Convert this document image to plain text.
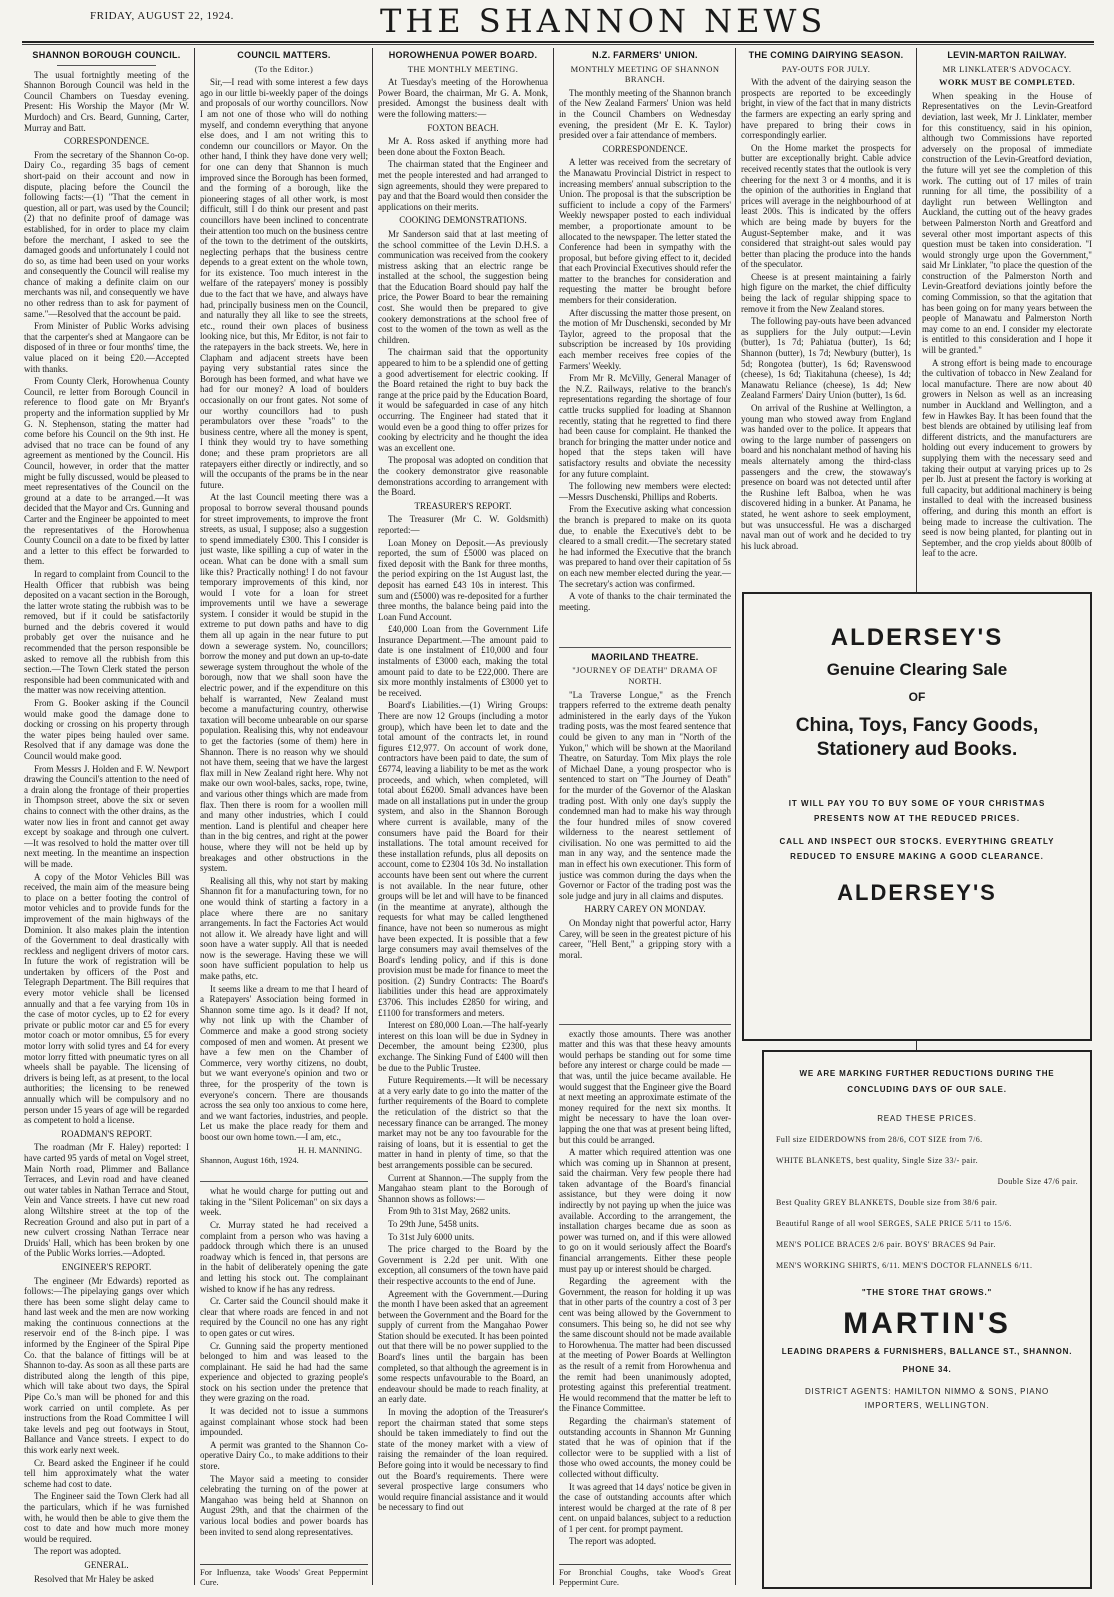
FRIDAY, AUGUST 22, 1924.	THE SHANNON NEWS
SHANNON BOROUGH COUNCIL.

The usual fortnightly meeting of the Shannon Borough Council was held in the Council Chambers on Tuesday evening. Present: His Worship the Mayor (Mr W. Murdoch) and Crs. Beard, Gunning, Carter, Murray and Batt.

CORRESPONDENCE.

From the secretary of the Shannon Co-op. Dairy Co., regarding 35 bags of cement short-paid on their account and now in dispute, placing before the Council the following facts:—(1) "That the cement in question, all or part, was used by the Council; (2) that no definite proof of damage was established, for in order to place my claim before the merchant, I asked to see the damaged goods and unfortunately I could not do so, as time had been used on your works and consequently the Council will realise my chance of making a definite claim on our merchants was nil, and consequently we have no other redress than to ask for payment of same."—Resolved that the account be paid.

From Minister of Public Works advising that the carpenter's shed at Mangaore can be disposed of in three or four months' time, the value placed on it being £20.—Accepted with thanks.

From County Clerk, Horowhenua County Council, re letter from Borough Council in reference to flood gate on Mr Bryant's property and the information supplied by Mr G. N. Stephenson, stating the matter had come before his Council on the 9th inst. He advised that no trace can be found of any agreement as mentioned by the Council. His Council, however, in order that the matter might be fully discussed, would be pleased to meet representatives of the Council on the ground at a date to be arranged.—It was decided that the Mayor and Crs. Gunning and Carter and the Engineer be appointed to meet the representatives of the Horowhenua County Council on a date to be fixed by latter and a letter to this effect be forwarded to them.

In regard to complaint from Council to the Health Officer that rubbish was being deposited on a vacant section in the Borough, the latter wrote stating the rubbish was to be removed, but if it could be satisfactorily burned and the debris covered it would probably get over the nuisance and he recommended that the person responsible be asked to remove all the rubbish from this section.—The Town Clerk stated the person responsible had been communicated with and the matter was now receiving attention.

From G. Booker asking if the Council would make good the damage done to docking or crossing on his property through the water pipes being hauled over same. Resolved that if any damage was done the Council would make good.

From Messrs J. Holden and F. W. Newport drawing the Council's attention to the need of a drain along the frontage of their properties in Thompson street, above the six or seven chains to connect with the other drains, as the water now lies in front and cannot get away except by soakage and through one culvert.—It was resolved to hold the matter over till next meeting. In the meantime an inspection will be made.

A copy of the Motor Vehicles Bill was received, the main aim of the measure being to place on a better footing the control of motor vehicles and to provide funds for the improvement of the main highways of the Dominion. It also makes plain the intention of the Government to deal drastically with reckless and negligent drivers of motor cars. In future the work of registration will be undertaken by officers of the Post and Telegraph Department. The Bill requires that every motor vehicle shall be licensed annually and that a fee varying from 10s in the case of motor cycles, up to £2 for every private or public motor car and £5 for every motor coach or motor omnibus, £5 for every motor lorry with solid tyres and £4 for every motor lorry fitted with pneumatic tyres on all wheels shall be payable. The licensing of drivers is being left, as at present, to the local authorities; the licensing to be renewed annually which will be compulsory and no person under 15 years of age will be regarded as competent to hold a license.

ROADMAN'S REPORT.

The roadman (Mr F. Haley) reported: I have carted 95 yards of metal on Vogel street, Main North road, Plimmer and Ballance Terraces, and Levin road and have cleaned out water tables in Nathan Terrace and Stout, Vein and Vance streets. I have cut new road along Wiltshire street at the top of the Recreation Ground and also put in part of a new culvert crossing Nathan Terrace near Druids' Hall, which has been broken by one of the Public Works lorries.—Adopted.

ENGINEER'S REPORT.

The engineer (Mr Edwards) reported as follows:—The pipelaying gangs over which there has been some slight delay came to hand last week and the men are now working making the continuous connections at the reservoir end of the 8-inch pipe. I was informed by the Engineer of the Spiral Pipe Co. that the balance of fittings will be at Shannon to-day. As soon as all these parts are distributed along the length of this pipe, which will take about two days, the Spiral Pipe Co.'s man will be phoned for and this work carried on until complete. As per instructions from the Road Committee I will take levels and peg out footways in Stout, Ballance and Vance streets. I expect to do this work early next week.

Cr. Beard asked the Engineer if he could tell him approximately what the water scheme had cost to date.

The Engineer said the Town Clerk had all the particulars, which if he was furnished with, he would then be able to give them the cost to date and how much more money would be required.

The report was adopted.

GENERAL.

Resolved that Mr Haley be asked

COUNCIL MATTERS.
(To the Editor.)

Sir,—I read with some interest a few days ago in our little bi-weekly paper of the doings and proposals of our worthy councillors. Now I am not one of those who will do nothing myself, and condemn everything that anyone else does, and I am not writing this to condemn our councillors or Mayor. On the other hand, I think they have done very well; for one can deny that Shannon is much improved since the Borough has been formed, and the forming of a borough, like the pioneering stages of all other work, is most difficult, still I do think our present and past councillors have been inclined to concentrate their attention too much on the business centre of the town to the detriment of the outskirts, neglecting perhaps that the business centre depends to a great extent on the whole town, for its existence. Too much interest in the welfare of the ratepayers' money is possibly due to the fact that we have, and always have had, principally business men on the Council, and naturally they all like to see the streets, etc., round their own places of business looking nice, but this, Mr Editor, is not fair to the ratepayers in the back streets. We, here in Clapham and adjacent streets have been paying very substantial rates since the Borough has been formed, and what have we had for our money? A load of boulders occasionally on our front gates. Not some of our worthy councillors had to push perambulators over these "roads" to the business centre, where all the money is spent, I think they would try to have something done; and these pram proprietors are all ratepayers either directly or indirectly, and so will the occupants of the prams be in the near future.

At the last Council meeting there was a proposal to borrow several thousand pounds for street improvements, to improve the front streets, as usual, I suppose; also a suggestion to spend immediately £300. This I consider is just waste, like spilling a cup of water in the ocean. What can be done with a small sum like this? Practically nothing! I do not favour temporary improvements of this kind, nor would I vote for a loan for street improvements until we have a sewerage system. I consider it would be stupid in the extreme to put down paths and have to dig them all up again in the near future to put down a sewerage system. No, councillors; borrow the money and put down an up-to-date sewerage system throughout the whole of the borough, now that we shall soon have the electric power, and if the expenditure on this behalf is warranted, New Zealand must become a manufacturing country, otherwise taxation will become unbearable on our sparse population. Realising this, why not endeavour to get the factories (some of them) here in Shannon. There is no reason why we should not have them, seeing that we have the largest flax mill in New Zealand right here. Why not make our own wool-bales, sacks, rope, twine, and various other things which are made from flax. Then there is room for a woollen mill and many other industries, which I could mention. Land is plentiful and cheaper here than in the big centres, and right at the power house, where they will not be held up by breakages and other obstructions in the system.

Realising all this, why not start by making Shannon fit for a manufacturing town, for no one would think of starting a factory in a place where there are no sanitary arrangements. In fact the Factories Act would not allow it. We already have light and will soon have a water supply. All that is needed now is the sewerage. Having these we will soon have sufficient population to help us make paths, etc.

It seems like a dream to me that I heard of a Ratepayers' Association being formed in Shannon some time ago. Is it dead? If not, why not link up with the Chamber of Commerce and make a good strong society composed of men and women. At present we have a few men on the Chamber of Commerce, very worthy citizens, no doubt, but we want everyone's opinion and two or three, for the prosperity of the town is everyone's concern. There are thousands across the sea only too anxious to come here, and we want factories, industries, and people. Let us make the place ready for them and boost our own home town.—I am, etc.,

H. H. MANNING.
Shannon, August 16th, 1924.

what he would charge for putting out and taking in the "Silent Policeman" on six days a week.

Cr. Murray stated he had received a complaint from a person who was having a paddock through which there is an unused roadway which is fenced in, that persons are in the habit of deliberately opening the gate and letting his stock out. The complainant wished to know if he has any redress.

Cr. Carter said the Council should make it clear that where roads are fenced in and not required by the Council no one has any right to open gates or cut wires.

Cr. Gunning said the property mentioned belonged to him and was leased to the complainant. He said he had had the same experience and objected to grazing people's stock on his section under the pretence that they were grazing on the road.

It was decided not to issue a summons against complainant whose stock had been impounded.

A permit was granted to the Shannon Co-operative Dairy Co., to make additions to their store.

The Mayor said a meeting to consider celebrating the turning on of the power at Mangahao was being held at Shannon on August 29th, and that the chairmen of the various local bodies and power boards has been invited to send along representatives.

For Influenza, take Woods' Great Peppermint Cure.
HOROWHENUA POWER BOARD.
THE MONTHLY MEETING.

At Tuesday's meeting of the Horowhenua Power Board, the chairman, Mr G. A. Monk, presided. Amongst the business dealt with were the following matters:—

FOXTON BEACH.

Mr A. Ross asked if anything more had been done about the Foxton Beach.

The chairman stated that the Engineer and met the people interested and had arranged to sign agreements, should they were prepared to pay and that the Board would then consider the applications on their merits.

COOKING DEMONSTRATIONS.

Mr Sanderson said that at last meeting of the school committee of the Levin D.H.S. a communication was received from the cookery mistress asking that an electric range be installed at the school, the suggestion being that the Education Board should pay half the price, the Power Board to bear the remaining cost. She would then be prepared to give cookery demonstrations at the school free of cost to the women of the town as well as the children.

The chairman said that the opportunity appeared to him to be a splendid one of getting a good advertisement for electric cooking. If the Board retained the right to buy back the range at the price paid by the Education Board, it would be safeguarded in case of any hitch occurring. The Engineer had stated that it would even be a good thing to offer prizes for cooking by electricity and he thought the idea was an excellent one.

The proposal was adopted on condition that the cookery demonstrator give reasonable demonstrations according to arrangement with the Board.

TREASURER'S REPORT.

The Treasurer (Mr C. W. Goldsmith) reported:—

Loan Money on Deposit.—As previously reported, the sum of £5000 was placed on fixed deposit with the Bank for three months, the period expiring on the 1st August last, the deposit has earned £43 10s in interest. This sum and (£5000) was re-deposited for a further three months, the balance being paid into the Loan Fund Account.

£40,000 Loan from the Government Life Insurance Department.—The amount paid to date is one instalment of £10,000 and four instalments of £3000 each, making the total amount paid to date to be £22,000. There are six more monthly instalments of £3000 yet to be received.

Board's Liabilities.—(1) Wiring Groups: There are now 12 Groups (including a motor group), which have been let to date and the total amount of the contracts let, in round figures £12,977. On account of work done, contractors have been paid to date, the sum of £6774, leaving a liability to be met as the work proceeds, and which, when completed, will total about £6200. Small advances have been made on all installations put in under the group system, and also in the Shannon Borough where current is available, many of the consumers have paid the Board for their installations. The total amount received for these installation refunds, plus all deposits on account, come to £2304 10s 3d. No installation accounts have been sent out where the current is not available. In the near future, other groups will be let and will have to be financed (in the meantime at anyrate), although the requests for what may be called lengthened finance, have not been so numerous as might have been expected. It is possible that a few large consumers may avail themselves of the Board's lending policy, and if this is done provision must be made for finance to meet the position. (2) Sundry Contracts: The Board's liabilities under this head are approximately £3706. This includes £2850 for wiring, and £1100 for transformers and meters.

Interest on £80,000 Loan.—The half-yearly interest on this loan will be due in Sydney in December, the amount being £2300, plus exchange. The Sinking Fund of £400 will then be due to the Public Trustee.

Future Requirements.—It will be necessary at a very early date to go into the matter of the further requirements of the Board to complete the reticulation of the district so that the necessary finance can be arranged. The money market may not be any too favourable for the raising of loans, but it is essential to get the matter in hand in plenty of time, so that the best arrangements possible can be secured.

Current at Shannon.—The supply from the Mangahao steam plant to the Borough of Shannon shows as follows:—

From 9th to 31st May, 2682 units.

To 29th June, 5458 units.

To 31st July 6000 units.

The price charged to the Board by the Government is 2.2d per unit. With one exception, all consumers of the town have paid their respective accounts to the end of June.

Agreement with the Government.—During the month I have been asked that an agreement between the Government and the Board for the supply of current from the Mangahao Power Station should be executed. It has been pointed out that there will be no power supplied to the Board's lines until the bargain has been completed, so that although the agreement is in some respects unfavourable to the Board, an endeavour should be made to reach finality, at an early date.

In moving the adoption of the Treasurer's report the chairman stated that some steps should be taken immediately to find out the state of the money market with a view of raising the remainder of the loan required. Before going into it would be necessary to find out the Board's requirements. There were several prospective large consumers who would require financial assistance and it would be necessary to find out

N.Z. FARMERS' UNION.
MONTHLY MEETING OF SHANNON BRANCH.

The monthly meeting of the Shannon branch of the New Zealand Farmers' Union was held in the Council Chambers on Wednesday evening, the president (Mr E. K. Taylor) presided over a fair attendance of members.

CORRESPONDENCE.

A letter was received from the secretary of the Manawatu Provincial District in respect to increasing members' annual subscription to the Union. The proposal is that the subscription be sufficient to include a copy of the Farmers' Weekly newspaper posted to each individual member, a proportionate amount to be allocated to the newspaper. The letter stated the Conference had been in sympathy with the proposal, but before giving effect to it, decided that each Provincial Executives should refer the matter to the branches for consideration and requesting the matter be brought before members for their consideration.

After discussing the matter those present, on the motion of Mr Duschenski, seconded by Mr Taylor, agreed to the proposal that the subscription be increased by 10s providing each member receives free copies of the Farmers' Weekly.

From Mr R. McVilly, General Manager of the N.Z. Railways, relative to the branch's representations regarding the shortage of four cattle trucks supplied for loading at Shannon recently, stating that he regretted to find there had been cause for complaint. He thanked the branch for bringing the matter under notice and hoped that the steps taken will have satisfactory results and obviate the necessity for any future complaint.

The following new members were elected:—Messrs Duschenski, Phillips and Roberts.

From the Executive asking what concession the branch is prepared to make on its quota due, to enable the Executive's debt to be cleared to a small credit.—The secretary stated he had informed the Executive that the branch was prepared to hand over their capitation of 5s on each new member elected during the year.—The secretary's action was confirmed.

A vote of thanks to the chair terminated the meeting.

MAORILAND THEATRE.
"JOURNEY OF DEATH" DRAMA OF NORTH.

"La Traverse Longue," as the French trappers referred to the extreme death penalty administered in the early days of the Yukon trading posts, was the most feared sentence that could be given to any man in "North of the Yukon," which will be shown at the Maoriland Theatre, on Saturday. Tom Mix plays the role of Michael Dane, a young prospector who is sentenced to start on "The Journey of Death" for the murder of the Governor of the Alaskan trading post. With only one day's supply the condemned man had to make his way through the four hundred miles of snow covered wilderness to the nearest settlement of civilisation. No one was permitted to aid the man in any way, and the sentence made the man in effect his own executioner. This form of justice was common during the days when the Governor or Factor of the trading post was the sole judge and jury in all claims and disputes.

HARRY CAREY ON MONDAY.

On Monday night that powerful actor, Harry Carey, will be seen in the greatest picture of his career, "Hell Bent," a gripping story with a moral.

exactly those amounts. There was another matter and this was that these heavy amounts would perhaps be standing out for some time before any interest or charge could be made —that was, until the juice became available. He would suggest that the Engineer give the Board at next meeting an approximate estimate of the money required for the next six months. It might be necessary to have the loan over-lapping the one that was at present being lifted, but this could be arranged.

A matter which required attention was one which was coming up in Shannon at present, said the chairman. Very few people there had taken advantage of the Board's financial assistance, but they were doing it now indirectly by not paying up when the juice was available. According to the arrangement, the installation charges became due as soon as power was turned on, and if this were allowed to go on it would seriously affect the Board's financial arrangements. Either these people must pay up or interest should be charged.

Regarding the agreement with the Government, the reason for holding it up was that in other parts of the country a cost of 3 per cent was being allowed by the Government to consumers. This being so, he did not see why the same discount should not be made available to Horowhenua. The matter had been discussed at the meeting of Power Boards at Wellington as the result of a remit from Horowhenua and the remit had been unanimously adopted, protesting against this preferential treatment. He would recommend that the matter be left to the Finance Committee.

Regarding the chairman's statement of outstanding accounts in Shannon Mr Gunning stated that he was of opinion that if the collector were to be supplied with a list of those who owed accounts, the money could be collected without difficulty.

It was agreed that 14 days' notice be given in the case of outstanding accounts after which interest would be charged at the rate of 8 per cent. on unpaid balances, subject to a reduction of 1 per cent. for prompt payment.

The report was adopted.

For Bronchial Coughs, take Wood's Great Peppermint Cure.
THE COMING DAIRYING SEASON.
PAY-OUTS FOR JULY.

With the advent of the dairying season the prospects are reported to be exceedingly bright, in view of the fact that in many districts the farmers are expecting an early spring and have prepared to bring their cows in correspondingly earlier.

On the Home market the prospects for butter are exceptionally bright. Cable advice received recently states that the outlook is very cheering for the next 3 or 4 months, and it is the opinion of the authorities in England that prices will average in the neighbourhood of at least 200s. This is indicated by the offers which are being made by buyers for the August-September make, and it was considered that straight-out sales would pay better than placing the produce into the hands of the speculator.

Cheese is at present maintaining a fairly high figure on the market, the chief difficulty being the lack of regular shipping space to remove it from the New Zealand stores.

The following pay-outs have been advanced as suppliers for the July output:—Levin (butter), 1s 7d; Pahiatua (butter), 1s 6d; Shannon (butter), 1s 7d; Newbury (butter), 1s 5d; Rongotea (butter), 1s 6d; Ravenswood (cheese), 1s 6d; Tiakitahuna (cheese), 1s 4d; Manawatu Reliance (cheese), 1s 4d; New Zealand Farmers' Dairy Union (butter), 1s 6d.

On arrival of the Rushine at Wellington, a young man who stowed away from England was handed over to the police. It appears that owing to the large number of passengers on board and his nonchalant method of having his meals alternately among the third-class passengers and the crew, the stowaway's presence on board was not detected until after the Rushine left Balboa, when he was discovered hiding in a bunker. At Panama, he stated, he went ashore to seek employment, but was unsuccessful. He was a discharged naval man out of work and he decided to try his luck abroad.

LEVIN-MARTON RAILWAY.
MR LINKLATER'S ADVOCACY.
WORK MUST BE COMPLETED.

When speaking in the House of Representatives on the Levin-Greatford deviation, last week, Mr J. Linklater, member for this constituency, said in his opinion, although two Commissions have reported adversely on the proposal of immediate construction of the Levin-Greatford deviation, the future will yet see the completion of this work. The cutting out of 17 miles of train running for all time, the possibility of a daylight run between Wellington and Auckland, the cutting out of the heavy grades between Palmerston North and Greatford and several other most important aspects of this question must be taken into consideration. "I would strongly urge upon the Government," said Mr Linklater, "to place the question of the construction of the Palmerston North and Levin-Greatford deviations jointly before the coming Commission, so that the agitation that has been going on for many years between the people of Manawatu and Palmerston North may come to an end. I consider my electorate is entitled to this consideration and I hope it will be granted."

A strong effort is being made to encourage the cultivation of tobacco in New Zealand for local manufacture. There are now about 40 growers in Nelson as well as an increasing number in Auckland and Wellington, and a few in Hawkes Bay. It has been found that the best blends are obtained by utilising leaf from different districts, and the manufacturers are holding out every inducement to growers by supplying them with the necessary seed and taking their output at varying prices up to 2s per lb. Just at present the factory is working at full capacity, but additional machinery is being installed to deal with the increased business offering, and during this month an effort is being made to increase the cultivation. The seed is now being planted, for planting out in September, and the crop yields about 800lb of leaf to the acre.

ALDERSEY'S
Genuine Clearing Sale
OF
China, Toys, Fancy Goods,
Stationery aud Books.
IT WILL PAY YOU TO BUY SOME OF YOUR CHRISTMAS PRESENTS NOW AT THE REDUCED PRICES.
CALL AND INSPECT OUR STOCKS. EVERYTHING GREATLY REDUCED TO ENSURE MAKING A GOOD CLEARANCE.
ALDERSEY'S
WE ARE MARKING FURTHER REDUCTIONS DURING THE CONCLUDING DAYS OF OUR SALE.
READ THESE PRICES.
Full size EIDERDOWNS from 28/6, COT SIZE from 7/6.
WHITE BLANKETS, best quality, Single Size 33/- pair.
Double Size 47/6 pair.
Best Quality GREY BLANKETS, Double size from 38/6 pair.
Beautiful Range of all wool SERGES, SALE PRICE 5/11 to 15/6.
MEN'S POLICE BRACES 2/6 pair. BOYS' BRACES 9d Pair.
MEN'S WORKING SHIRTS, 6/11. MEN'S DOCTOR FLANNELS 6/11.
"THE STORE THAT GROWS."
MARTIN'S
LEADING DRAPERS & FURNISHERS, BALLANCE ST., SHANNON.
PHONE 34.
DISTRICT AGENTS: HAMILTON NIMMO & SONS, PIANO IMPORTERS, WELLINGTON.
